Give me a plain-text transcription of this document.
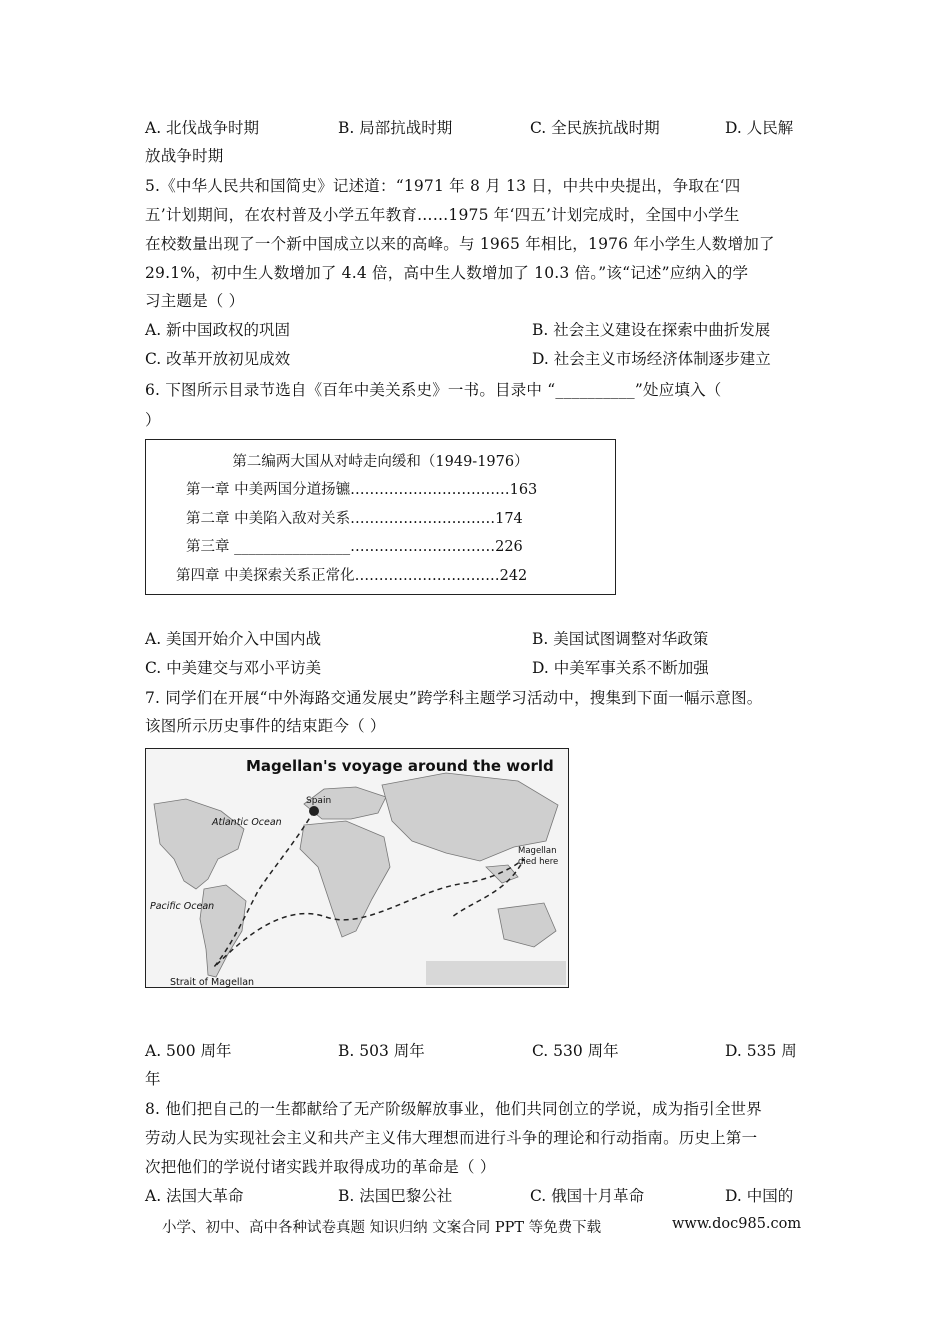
A. 北伐战争时期	B. 局部抗战时期	C. 全民族抗战时期	D. 人民解
放战争时期
5.《中华人民共和国简史》记述道：“1971 年 8 月 13 日，中共中央提出，争取在‘四
五’计划期间，在农村普及小学五年教育……1975 年‘四五’计划完成时，全国中小学生
在校数量出现了一个新中国成立以来的高峰。与 1965 年相比，1976 年小学生人数增加了
29.1%，初中生人数增加了 4.4 倍，高中生人数增加了 10.3 倍。”该“记述”应纳入的学
习主题是（ ）
A. 新中国政权的巩固	B. 社会主义建设在探索中曲折发展
C. 改革开放初见成效	D. 社会主义市场经济体制逐步建立
6. 下图所示目录节选自《百年中美关系史》一书。目录中 “__________”处应填入（
）
第二编两大国从对峙走向缓和（1949-1976）
第一章 中美两国分道扬镳……………………………163
第二章 中美陷入敌对关系…………………………174
第三章 ________________…………………………226
第四章 中美探索关系正常化…………………………242
A. 美国开始介入中国内战	B. 美国试图调整对华政策
C. 中美建交与邓小平访美	D. 中美军事关系不断加强
7. 同学们在开展“中外海路交通发展史”跨学科主题学习活动中，搜集到下面一幅示意图。
该图所示历史事件的结束距今（ ）
Magellan's voyage around the world
Spain
Atlantic Ocean
Pacific Ocean
Magellan
died here
Strait of Magellan
A. 500 周年	B. 503 周年	C. 530 周年	D. 535 周
年
8. 他们把自己的一生都献给了无产阶级解放事业，他们共同创立的学说，成为指引全世界
劳动人民为实现社会主义和共产主义伟大理想而进行斗争的理论和行动指南。历史上第一
次把他们的学说付诸实践并取得成功的革命是（ ）
A. 法国大革命	B. 法国巴黎公社	C. 俄国十月革命	D. 中国的
小学、初中、高中各种试卷真题 知识归纳 文案合同 PPT 等免费下载	www.doc985.com
